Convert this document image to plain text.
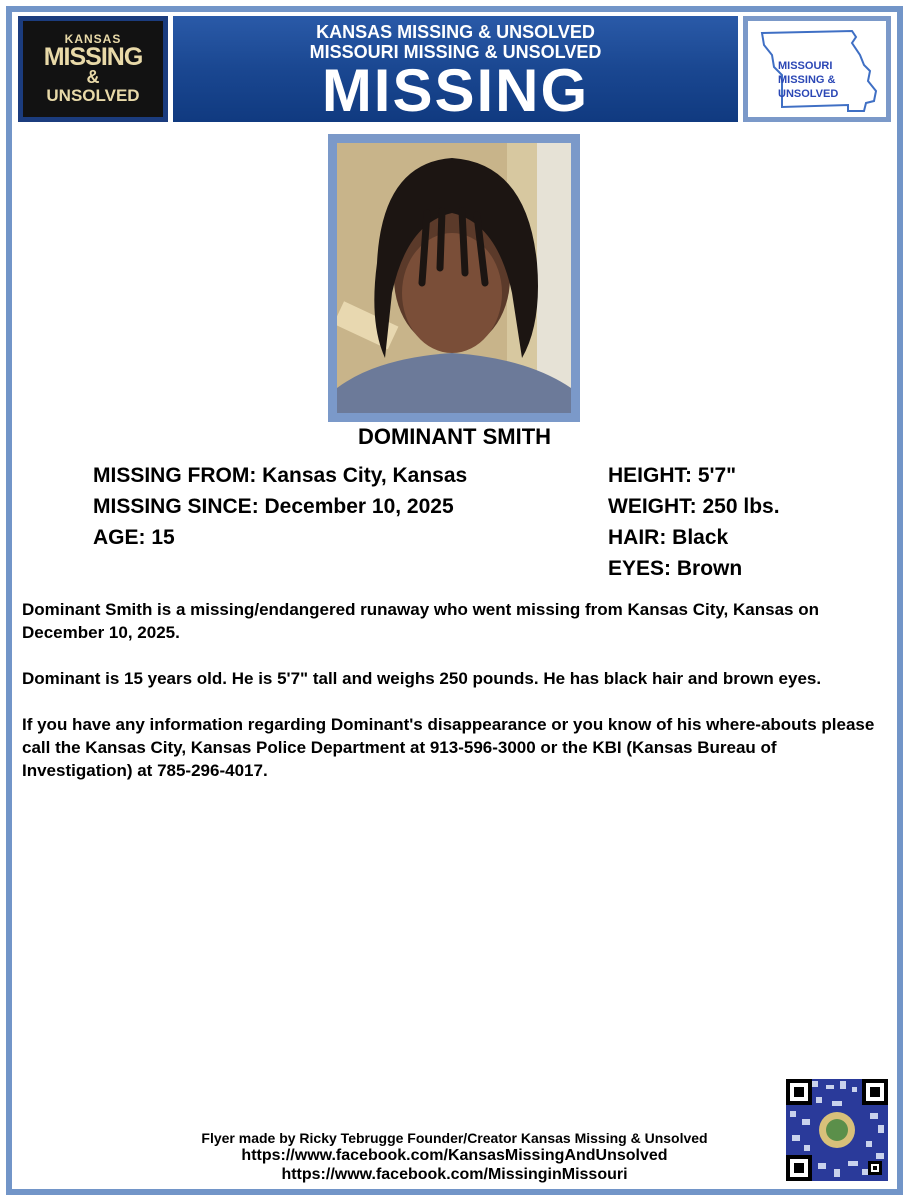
KANSAS
MISSING
&
UNSOLVED
KANSAS MISSING & UNSOLVED
MISSOURI MISSING & UNSOLVED
MISSING	MISSOURI
MISSING &
UNSOLVED
DOMINANT SMITH
MISSING FROM: Kansas City, Kansas
MISSING SINCE: December 10, 2025
AGE: 15
HEIGHT: 5'7"
WEIGHT: 250 lbs.
HAIR: Black
EYES: Brown

Dominant Smith is a missing/endangered runaway who went missing from Kansas City, Kansas on December 10, 2025.

Dominant is 15 years old. He is 5'7" tall and weighs 250 pounds. He has black hair and brown eyes.

If you have any information regarding Dominant's disappearance or you know of his where-abouts please call the Kansas City, Kansas Police Department at 913-596-3000 or the KBI (Kansas Bureau of Investigation) at 785-296-4017.

Flyer made by Ricky Tebrugge Founder/Creator Kansas Missing & Unsolved
https://www.facebook.com/KansasMissingAndUnsolved
https://www.facebook.com/MissinginMissouri
